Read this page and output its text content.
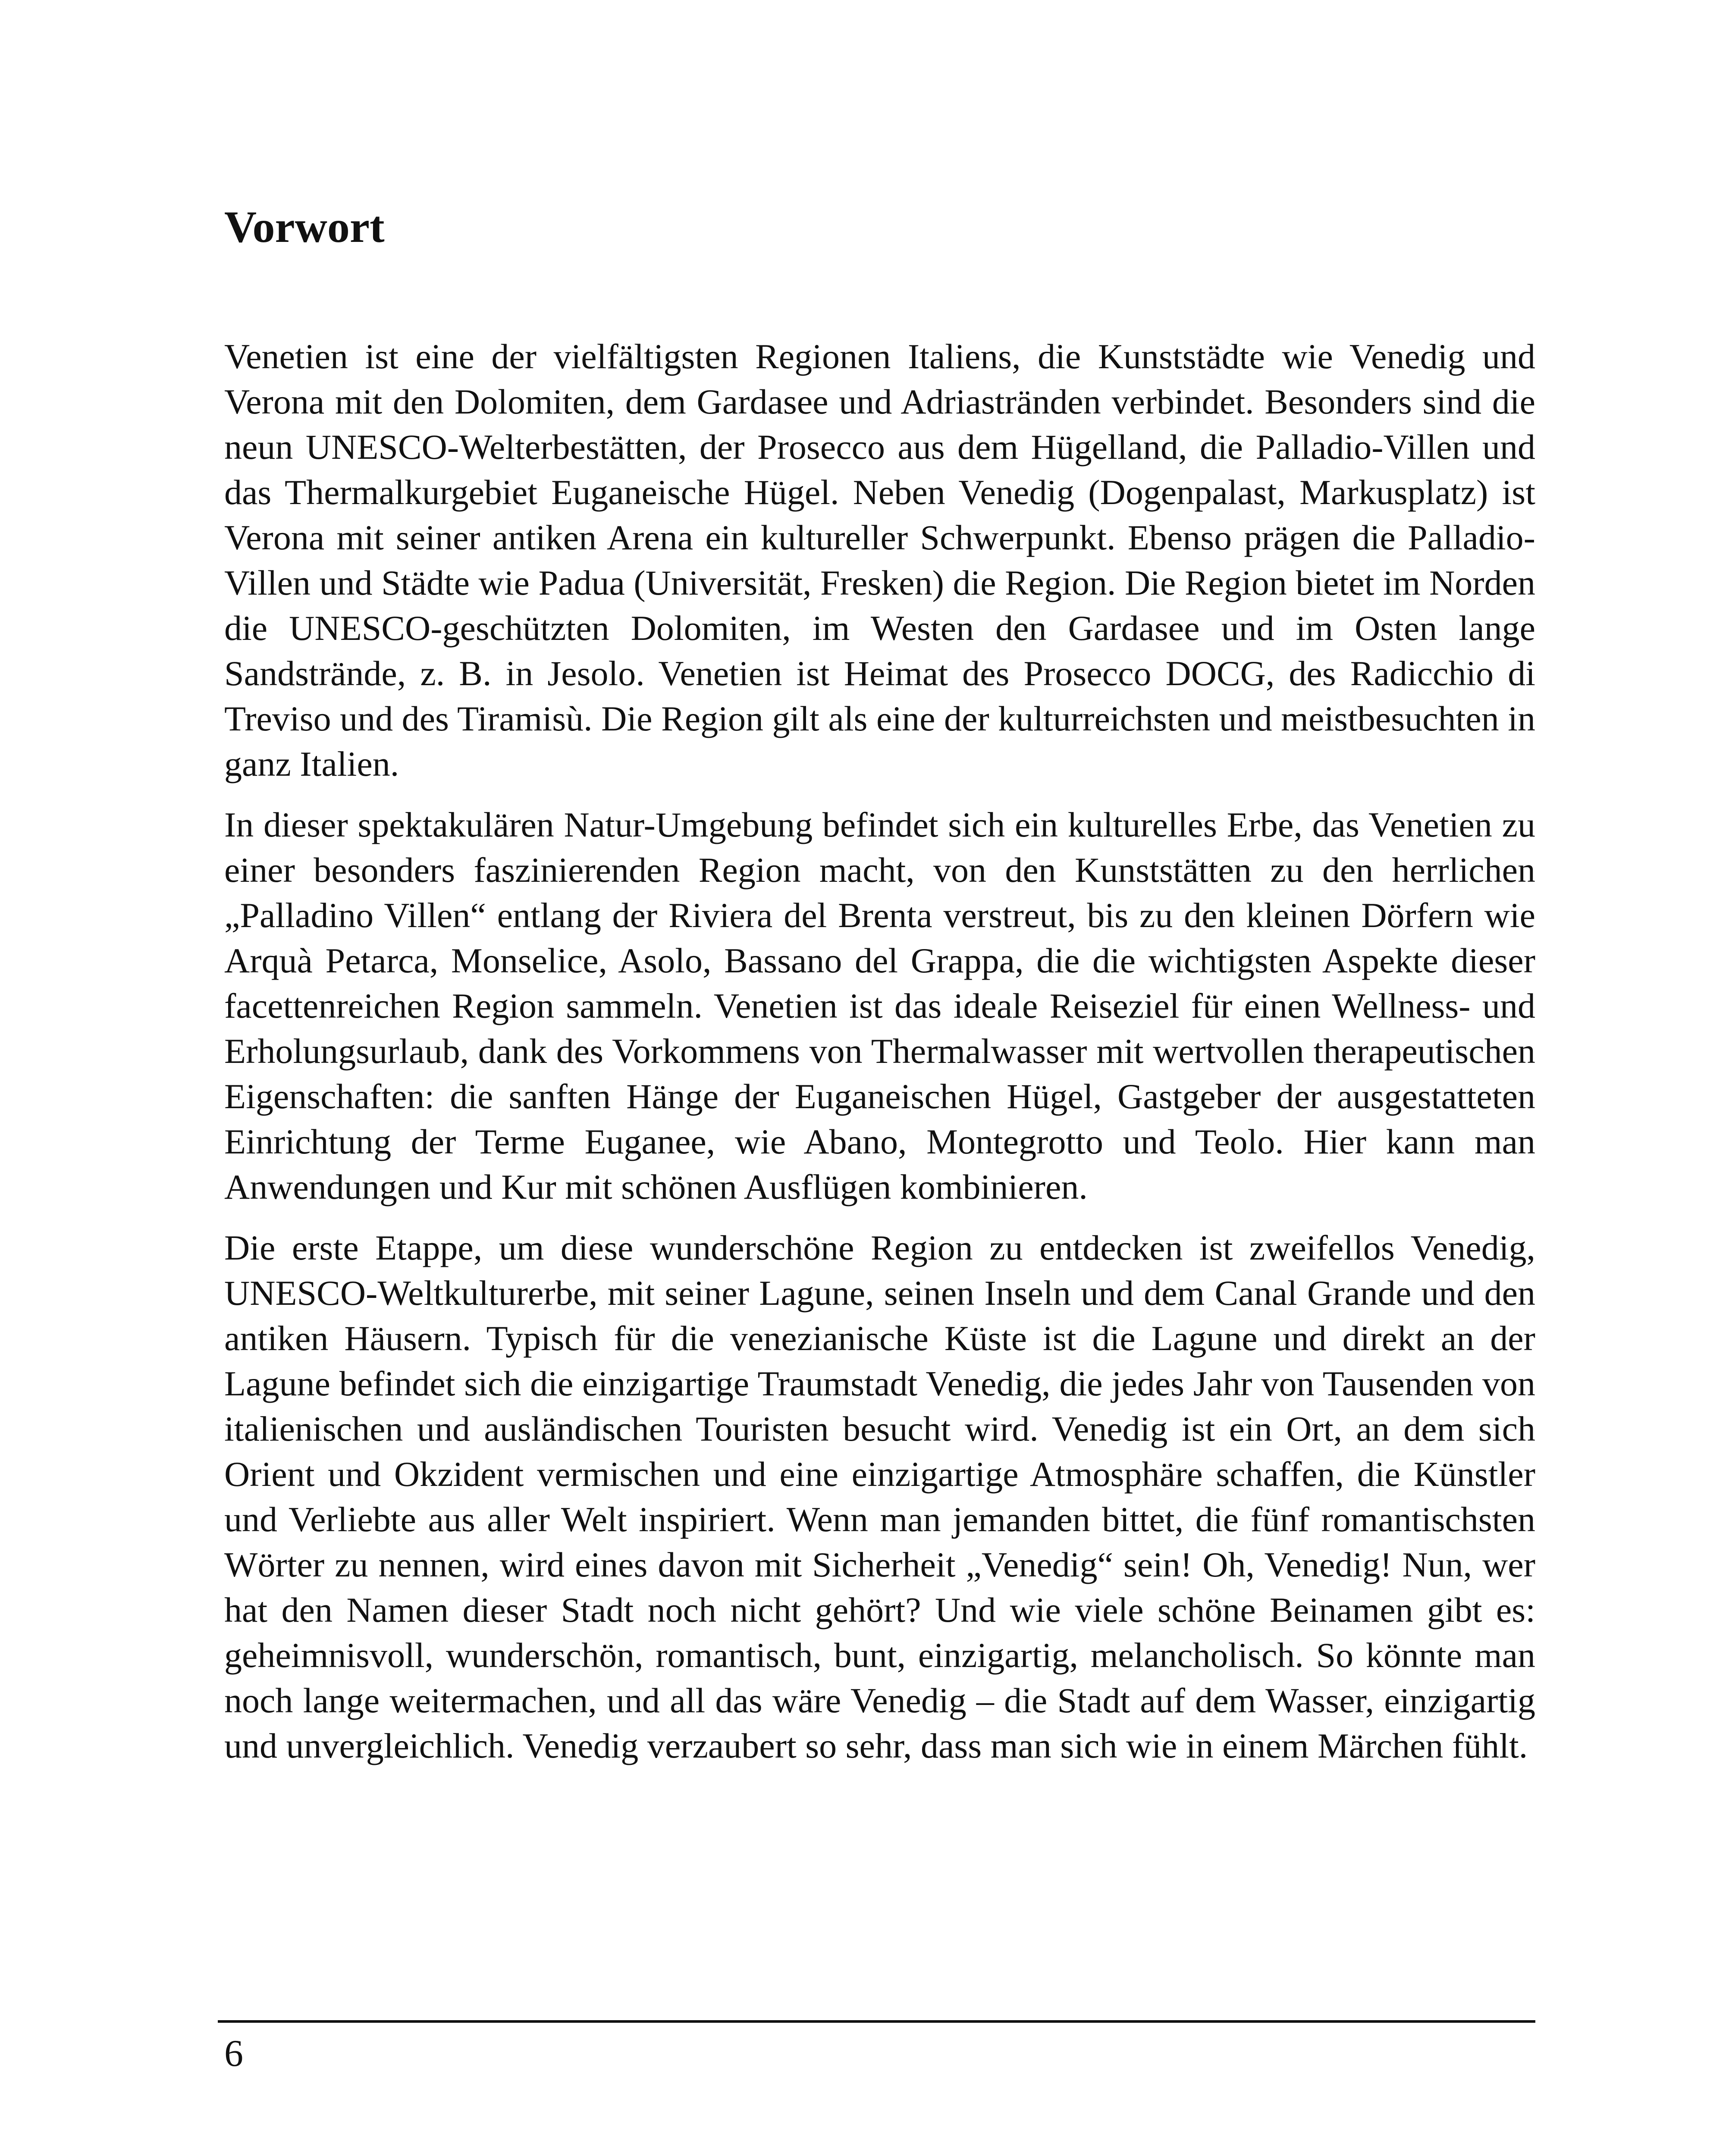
Vorwort

Venetien ist eine der vielfältigsten Regionen Italiens, die Kunststädte wie Venedig und Verona mit den Dolomiten, dem Gardasee und Adriastränden verbindet. Besonders sind die neun UNESCO-Welterbestätten, der Prosecco aus dem Hügelland, die Palladio-Villen und das Thermalkurgebiet Euganeische Hügel. Neben Venedig (Dogenpalast, Markusplatz) ist Verona mit seiner antiken Arena ein kultureller Schwerpunkt. Ebenso prägen die Palladio-Villen und Städte wie Padua (Universität, Fresken) die Region. Die Region bietet im Norden die UNESCO-geschützten Dolomiten, im Westen den Gardasee und im Osten lange Sandstrände, z. B. in Jesolo. Venetien ist Heimat des Prosecco DOCG, des Radicchio di Treviso und des Tiramisù. Die Region gilt als eine der kulturreichsten und meistbesuchten in ganz Italien.

In dieser spektakulären Natur-Umgebung befindet sich ein kulturelles Erbe, das Venetien zu einer besonders faszinierenden Region macht, von den Kunststätten zu den herrlichen „Palladino Villen“ entlang der Riviera del Brenta verstreut, bis zu den kleinen Dörfern wie Arquà Petarca, Monselice, Asolo, Bassano del Grappa, die die wichtigsten Aspekte dieser facettenreichen Region sammeln. Venetien ist das ideale Reiseziel für einen Wellness- und Erholungsurlaub, dank des Vorkommens von Thermalwasser mit wertvollen therapeutischen Eigenschaften: die sanften Hänge der Euganeischen Hügel, Gastgeber der ausgestatteten Einrichtung der Terme Euganee, wie Abano, Montegrotto und Teolo. Hier kann man Anwendungen und Kur mit schönen Ausflügen kombinieren.

Die erste Etappe, um diese wunderschöne Region zu entdecken ist zweifellos Venedig, UNESCO-Weltkulturerbe, mit seiner Lagune, seinen Inseln und dem Canal Grande und den antiken Häusern. Typisch für die venezianische Küste ist die Lagune und direkt an der Lagune befindet sich die einzigartige Traumstadt Venedig, die jedes Jahr von Tausenden von italienischen und ausländischen Touristen besucht wird. Venedig ist ein Ort, an dem sich Orient und Okzident vermischen und eine einzigartige Atmosphäre schaffen, die Künstler und Verliebte aus aller Welt inspiriert. Wenn man jemanden bittet, die fünf romantischsten Wörter zu nennen, wird eines davon mit Sicherheit „Venedig“ sein! Oh, Venedig! Nun, wer hat den Namen dieser Stadt noch nicht gehört? Und wie viele schöne Beinamen gibt es: geheimnisvoll, wunderschön, romantisch, bunt, einzigartig, melancholisch. So könnte man noch lange weitermachen, und all das wäre Venedig – die Stadt auf dem Wasser, einzigartig und unvergleichlich. Venedig verzaubert so sehr, dass man sich wie in einem Märchen fühlt.

6
